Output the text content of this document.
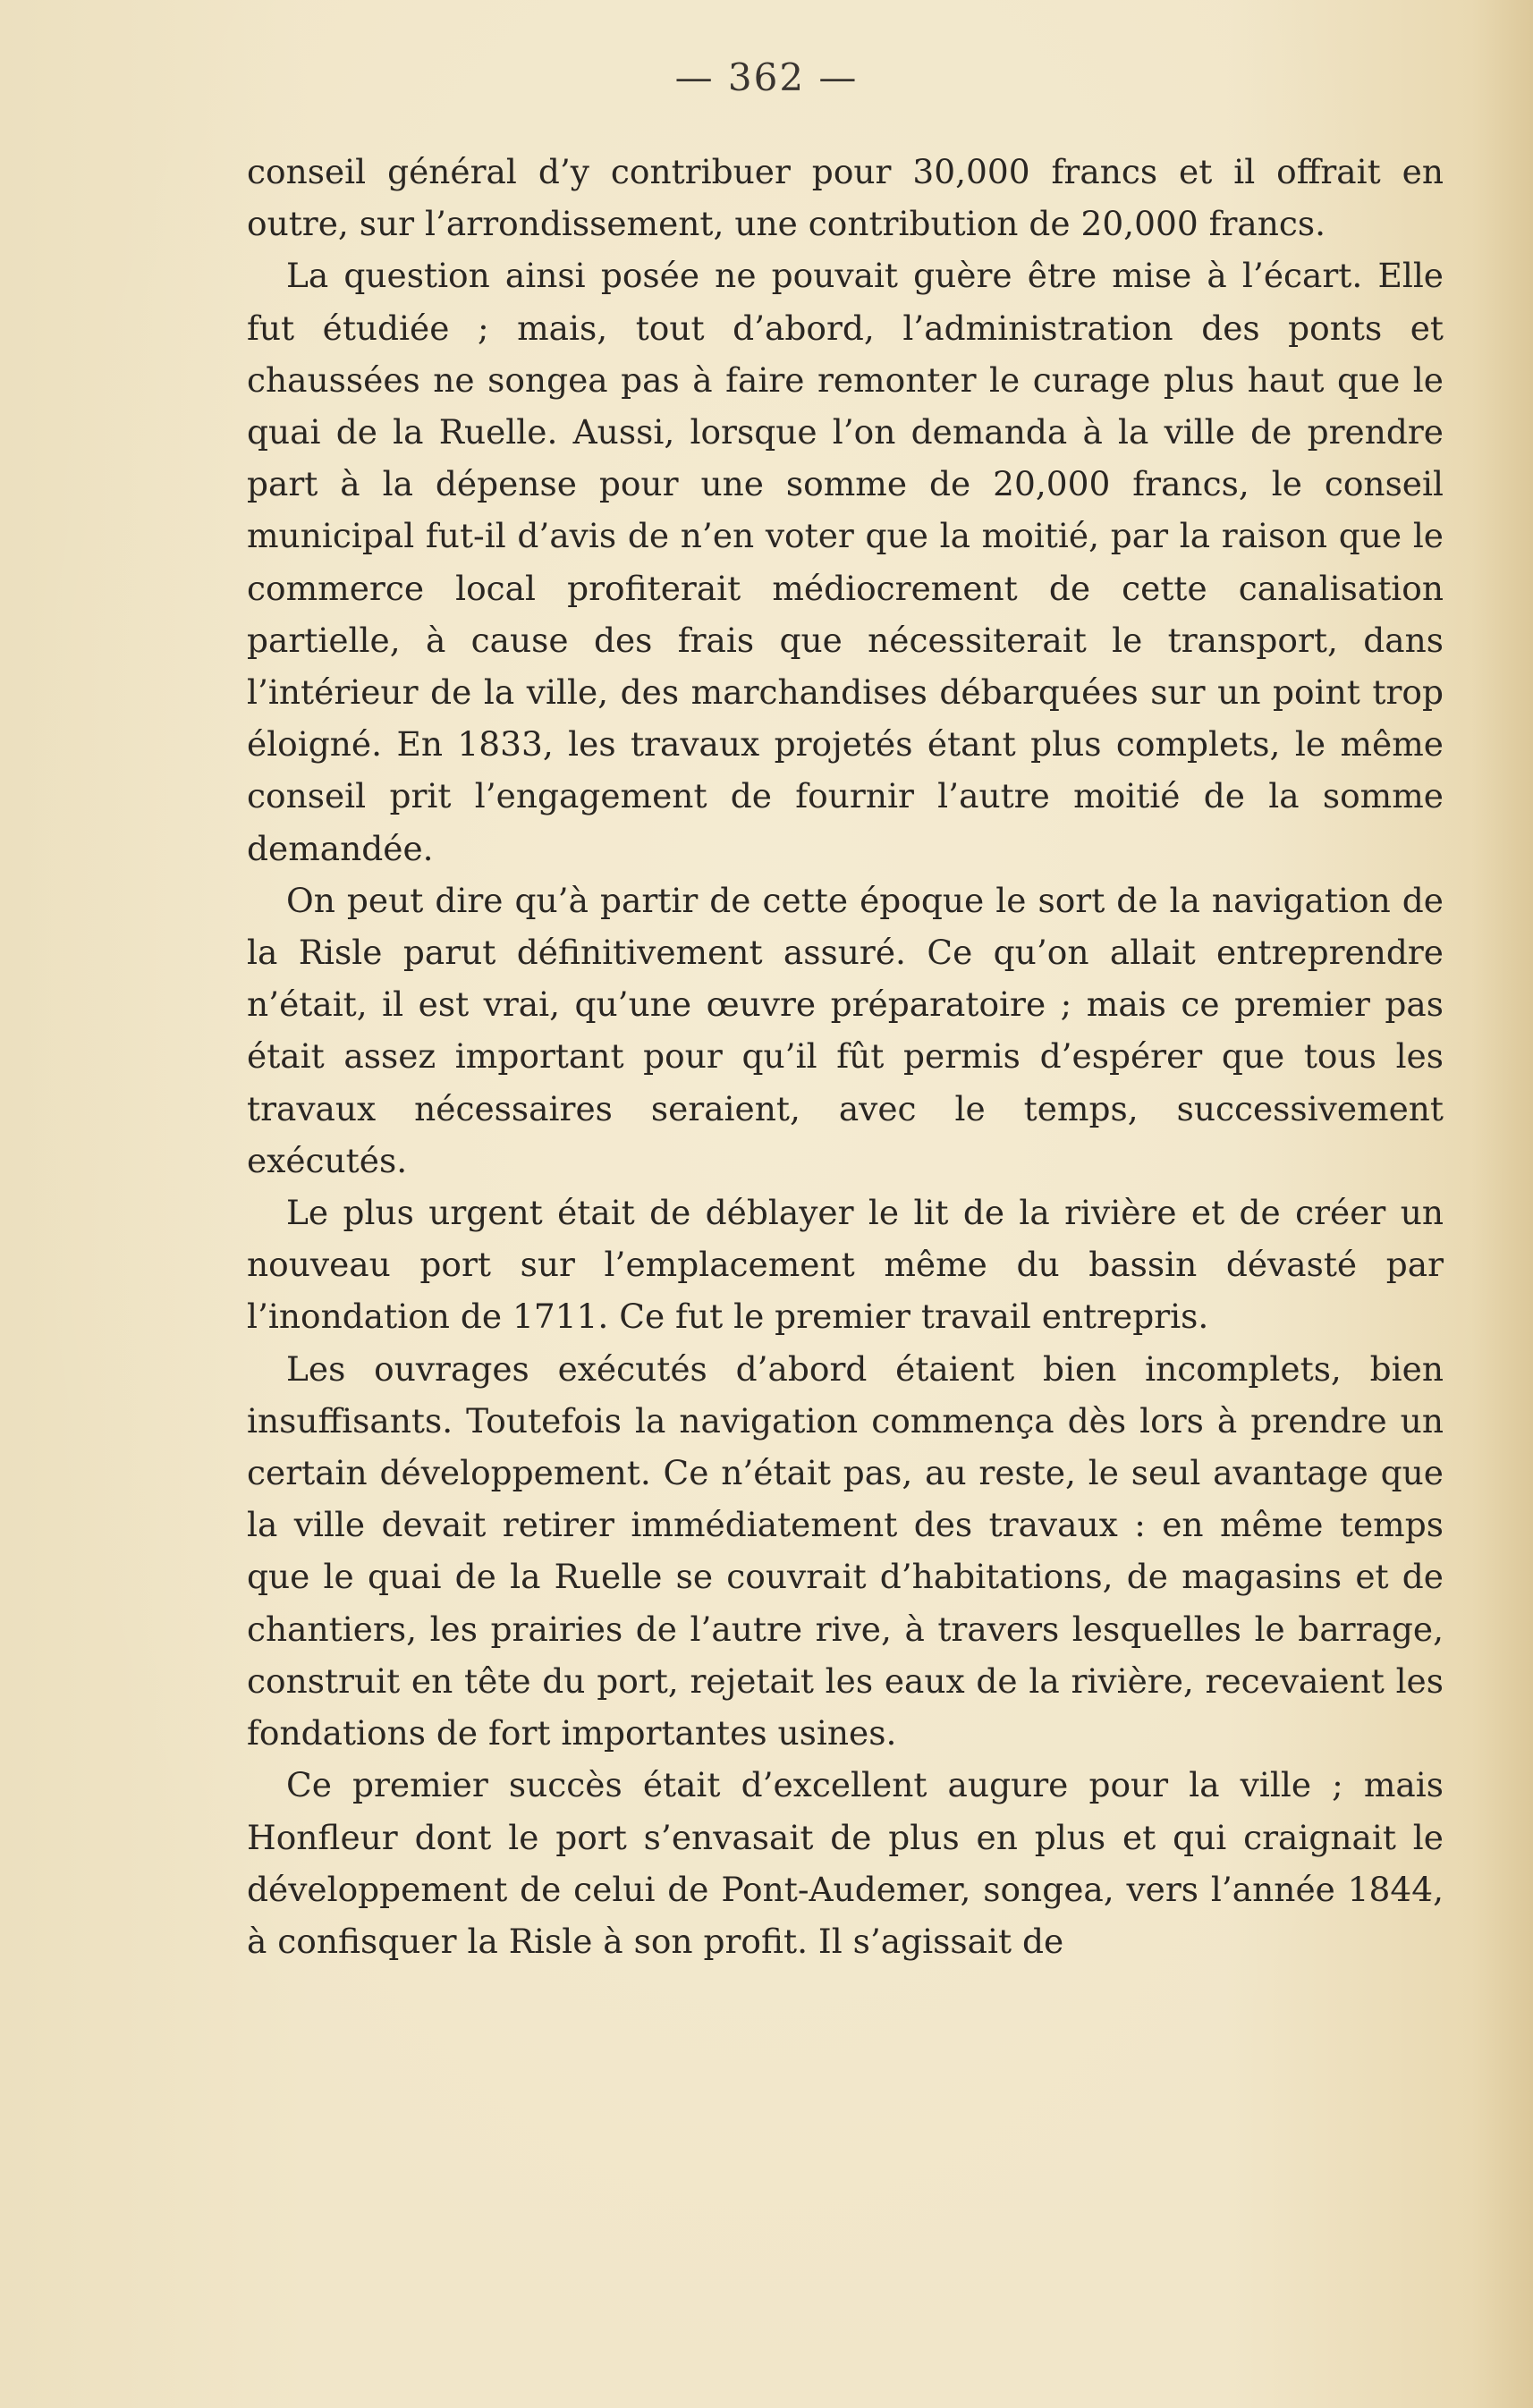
— 362 —

conseil général d’y contribuer pour 30,000 francs et il offrait en outre, sur l’arrondissement, une contribution de 20,000 francs.

La question ainsi posée ne pouvait guère être mise à l’écart. Elle fut étudiée ; mais, tout d’abord, l’administration des ponts et chaussées ne songea pas à faire remonter le curage plus haut que le quai de la Ruelle. Aussi, lorsque l’on demanda à la ville de prendre part à la dépense pour une somme de 20,000 francs, le conseil municipal fut-il d’avis de n’en voter que la moitié, par la raison que le commerce local profiterait médiocrement de cette canalisation partielle, à cause des frais que nécessiterait le transport, dans l’intérieur de la ville, des marchandises débarquées sur un point trop éloigné. En 1833, les travaux projetés étant plus complets, le même conseil prit l’engagement de fournir l’autre moitié de la somme demandée.

On peut dire qu’à partir de cette époque le sort de la navigation de la Risle parut définitivement assuré. Ce qu’on allait entreprendre n’était, il est vrai, qu’une œuvre préparatoire ; mais ce premier pas était assez important pour qu’il fût permis d’espérer que tous les travaux nécessaires seraient, avec le temps, successivement exécutés.

Le plus urgent était de déblayer le lit de la rivière et de créer un nouveau port sur l’emplacement même du bassin dévasté par l’inondation de 1711. Ce fut le premier travail entrepris.

Les ouvrages exécutés d’abord étaient bien incomplets, bien insuffisants. Toutefois la navigation commença dès lors à prendre un certain développement. Ce n’était pas, au reste, le seul avantage que la ville devait retirer immédiatement des travaux : en même temps que le quai de la Ruelle se couvrait d’habitations, de magasins et de chantiers, les prairies de l’autre rive, à travers lesquelles le barrage, construit en tête du port, rejetait les eaux de la rivière, recevaient les fondations de fort importantes usines.

Ce premier succès était d’excellent augure pour la ville ; mais Honfleur dont le port s’envasait de plus en plus et qui craignait le développement de celui de Pont-Audemer, songea, vers l’année 1844, à confisquer la Risle à son profit. Il s’agissait de
